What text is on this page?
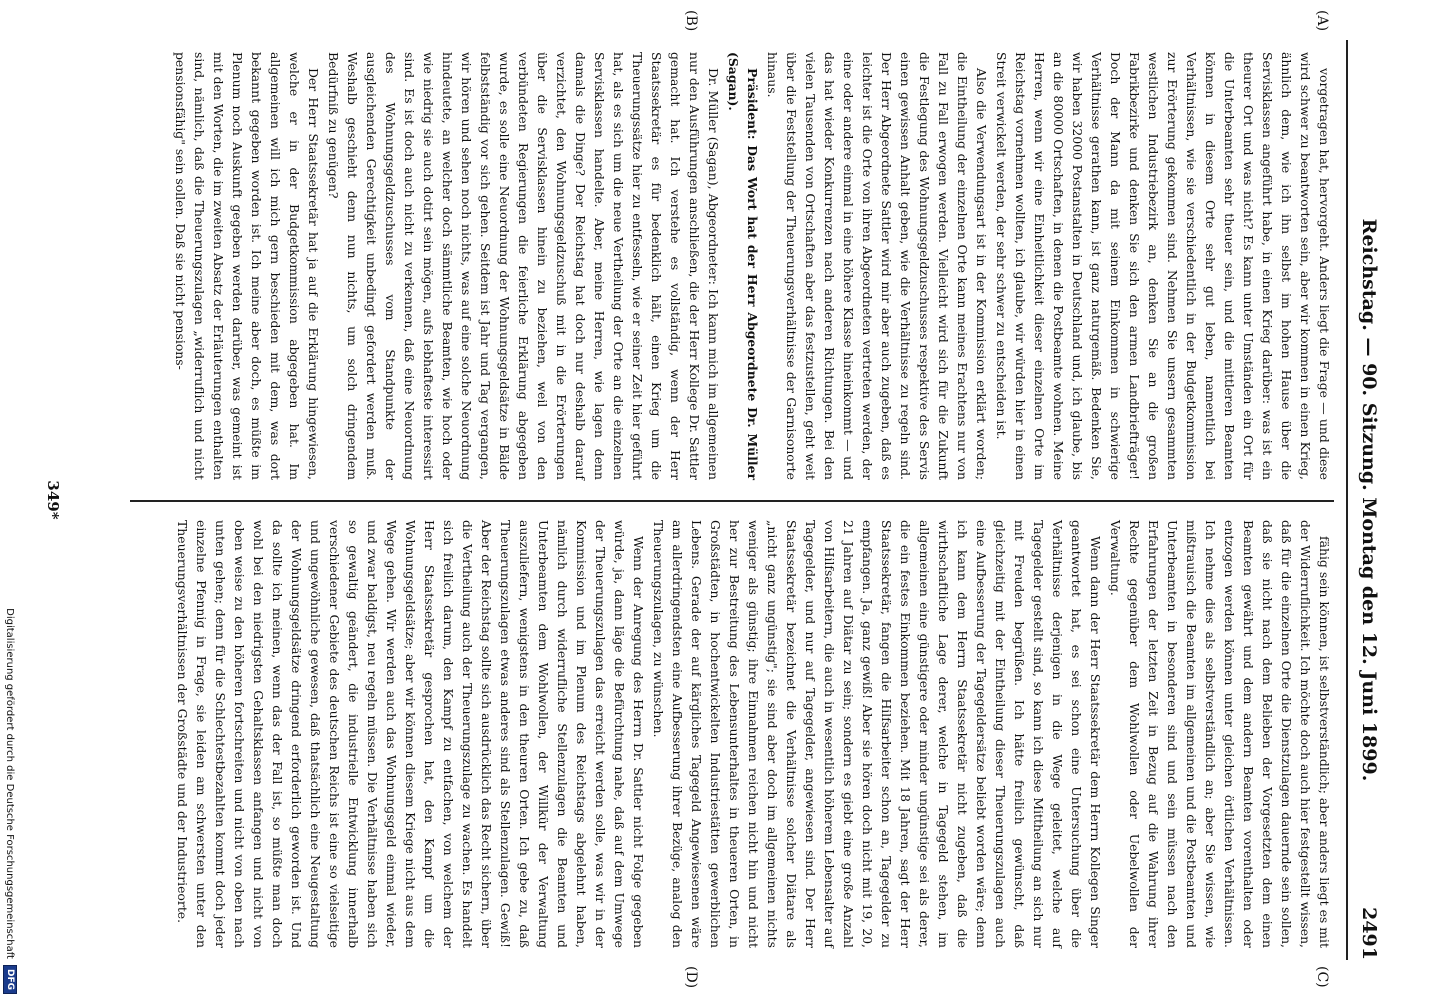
Reichstag. — 90. Sitzung. Montag den 12. Juni 1899.
2491
(A)
(B)
(C)
(D)

vorgetragen hat, hervorgeht. Anders liegt die Frage — und diese wird schwer zu beantworten sein, aber wir kommen in einen Krieg, ähnlich dem, wie ich ihn selbst im hohen Hause über die Servisklassen angeführt habe, in einen Krieg darüber: was ist ein theurer Ort und was nicht? Es kann unter Umständen ein Ort für die Unterbeamten sehr theuer sein, und die mittleren Beamten können in diesem Orte sehr gut leben, namentlich bei Verhältnissen, wie sie verschiedentlich in der Budgetkommission zur Erörterung gekommen sind. Nehmen Sie unsern gesammten westlichen Industriebezirk an, denken Sie an die großen Fabrikbezirke und denken Sie sich den armen Landbriefträger! Doch der Mann da mit seinem Einkommen in schwierige Verhältnisse gerathen kann, ist ganz naturgemäß. Bedenken Sie, wir haben 32000 Postanstalten in Deutschland und, ich glaube, bis an die 80000 Ortschaften, in denen die Postbeamte wohnen. Meine Herren, wenn wir eine Einheitlichkeit dieser einzelnen Orte im Reichstag vornehmen wollten, ich glaube, wir würden hier in einen Streit verwickelt werden, der sehr schwer zu entscheiden ist.

Also die Verwendungsart ist in der Kommission erklärt worden; die Eintheilung der einzelnen Orte kann meines Erachtens nur von Fall zu Fall erwogen werden. Vielleicht wird sich für die Zukunft die Festlegung des Wohnungsgeldzuschusses respektive des Servis einen gewissen Anhalt geben, wie die Verhältnisse zu regeln sind. Der Herr Abgeordnete Sattler wird mir aber auch zugeben, daß es leichter ist die Orte von ihren Abgeordneten vertreten werden, der eine oder andere einmal in eine höhere Klasse hineinkommt — und das hat wieder Konkurrenzen nach anderen Richtungen. Bei den vielen Tausenden von Ortschaften aber das festzustellen, geht weit über die Feststellung der Theuerungsverhältnisse der Garnisonorte hinaus.

Präsident: Das Wort hat der Herr Abgeordnete Dr. Müller (Sagan).

Dr. Müller (Sagan), Abgeordneter: Ich kann mich im allgemeinen nur den Ausführungen anschließen, die der Herr Kollege Dr. Sattler gemacht hat. Ich verstehe es vollständig, wenn der Herr Staatssekretär es für bedenklich hält, einen Krieg um die Theuerungssätze hier zu entfesseln, wie er seiner Zeit hier geführt hat, als es sich um die neue Vertheilung der Orte an die einzelnen Servisklassen handelte. Aber, meine Herren, wie lagen denn damals die Dinge? Der Reichstag hat doch nur deshalb darauf verzichtet, den Wohnungsgeldzuschuß mit in die Erörterungen über die Servisklassen hinein zu beziehen, weil von den verbündeten Regierungen die feierliche Erklärung abgegeben wurde, es solle eine Neuordnung der Wohnungsgeldsätze in Bälde felbstständig vor sich gehen. Seitdem ist Jahr und Tag vergangen, wir hören und sehen noch nichts, was auf eine solche Neuordnung hindeutete, an welcher doch sämmtliche Beamten, wie hoch oder wie niedrig sie auch dotirt sein mögen, aufs lebhafteste interessirt sind. Es ist doch auch nicht zu verkennen, daß eine Neuordnung des Wohnungsgeldzuschusses vom Standpunkte der ausgleichenden Gerechtigkeit unbedingt gefordert werden muß. Weshalb geschieht denn nun nichts, um solch dringendem Bedürfniß zu genügen?

Der Herr Staatssekretär hat ja auf die Erklärung hingewiesen, welche er in der Budgetkommission abgegeben hat. Im allgemeinen will ich mich gern beschieden mit dem, was dort bekannt gegeben worden ist. Ich meine aber doch, es müßte im Plenum noch Auskunft gegeben werden darüber, was gemeint ist mit den Worten, die im zweiten Absatz der Erläuterungen enthalten sind, nämlich, daß die Theuerungszulagen „widerruflich und nicht pensionsfähig" sein sollen. Daß sie nicht pensions-

fähig sein können, ist selbstverständlich; aber anders liegt es mit der Widerruflichkeit. Ich möchte doch auch hier festgestellt wissen, daß für die einzelnen Orte die Dienstzulagen dauernde sein sollen, daß sie nicht nach dem Belieben der Vorgesetzten dem einen Beamten gewährt und dem andern Beamten vorenthalten oder entzogen werden können unter gleichen örtlichen Verhältnissen. Ich nehme dies als selbstverständlich an; aber Sie wissen, wie mißtrauisch die Beamten im allgemeinen und die Postbeamten und Unterbeamten in besonderen sind und sein müssen nach den Erfahrungen der letzten Zeit in Bezug auf die Wahrung ihrer Rechte gegenüber dem Wohlwollen oder Uebelwollen der Verwaltung.

Wenn dann der Herr Staatssekretär dem Herrn Kollegen Singer geantwortet hat, es sei schon eine Untersuchung über die Verhältnisse derjenigen in die Wege geleitet, welche auf Tagegelder gestellt sind, so kann ich diese Mittheilung an sich nur mit Freuden begrüßen. Ich hätte freilich gewünscht, daß gleichzeitig mit der Eintheilung dieser Theuerungszulagen auch eine Aufbesserung der Tagegeldersätze beliebt worden wäre; denn ich kann dem Herrn Staatssekretär nicht zugeben, daß die wirthschaftliche Lage derer, welche in Tagegeld stehen, im allgemeinen eine günstigere oder minder ungünstige sei als derer, die ein festes Einkommen beziehen. Mit 18 Jahren, sagt der Herr Staatssekretär, fangen die Hilfsarbeiter schon an, Tagegelder zu empfangen. Ja, ganz gewiß! Aber sie hören doch nicht mit 19, 20, 21 Jahren auf Diätar zu sein; sondern es giebt eine große Anzahl von Hilfsarbeitern, die auch in wesentlich höherem Lebensalter auf Tagegelder, und nur auf Tagegelder, angewiesen sind. Der Herr Staatssekretär bezeichnet die Verhältnisse solcher Diätare als „nicht ganz ungünstig"; sie sind aber doch im allgemeinen nichts weniger als günstig; ihre Einnahmen reichen nicht hin und nicht her zur Bestreitung des Lebensunterhaltes in theueren Orten, in Großstädten, in hochentwickelten Industriestätten gewerblichen Lebens. Gerade der auf kärgliches Tagegeld Angewiesenen wäre am allerdringendsten eine Aufbesserung ihrer Bezüge, analog den Theuerungszulagen, zu wünschen.

Wenn der Anregung des Herrn Dr. Sattler nicht Folge gegeben würde, ja, dann läge die Befürchtung nahe, daß auf dem Umwege der Theuerungszulagen das erreicht werden solle, was wir in der Kommission und im Plenum des Reichstags abgelehnt haben, nämlich durch widerrufliche Stellenzulagen die Beamten und Unterbeamten dem Wohlwollen, der Willkür der Verwaltung auszuliefern, wenigstens in den theuren Orten. Ich gebe zu, daß Theuerungszulagen etwas anderes sind als Stellenzulagen. Gewiß! Aber der Reichstag sollte sich ausdrücklich das Recht sichern, über die Vertheilung auch der Theuerungszulage zu wachen. Es handelt sich freilich darum, den Kampf zu entfachen, von welchem der Herr Staatssekretär gesprochen hat, den Kampf um die Wohnungsgeldsätze; aber wir können diesem Kriege nicht aus dem Wege gehen. Wir werden auch das Wohnungsgeld einmal wieder, und zwar baldigst, neu regeln müssen. Die Verhältnisse haben sich so gewaltig geändert, die industrielle Entwicklung innerhalb verschiedener Gebiete des deutschen Reichs ist eine so vielseitige und ungewöhnliche gewesen, daß thatsächlich eine Neugestaltung der Wohnungsgeldsätze dringend erforderlich geworden ist. Und da sollte ich meinen, wenn das der Fall ist, so müßte man doch wohl bei den niedrigsten Gehaltsklassen anfangen und nicht von oben weise zu den höheren fortschreiten und nicht von oben nach unten gehen; denn für die Schlechtestbezahlten kommt doch jeder einzelne Pfennig in Frage, sie leiden am schwersten unter den Theuerungsverhältnissen der Großstädte und der Industrieorte.

349*
Digitalisierung gefördert durch die Deutsche Forschungsgemeinschaft
DFG
